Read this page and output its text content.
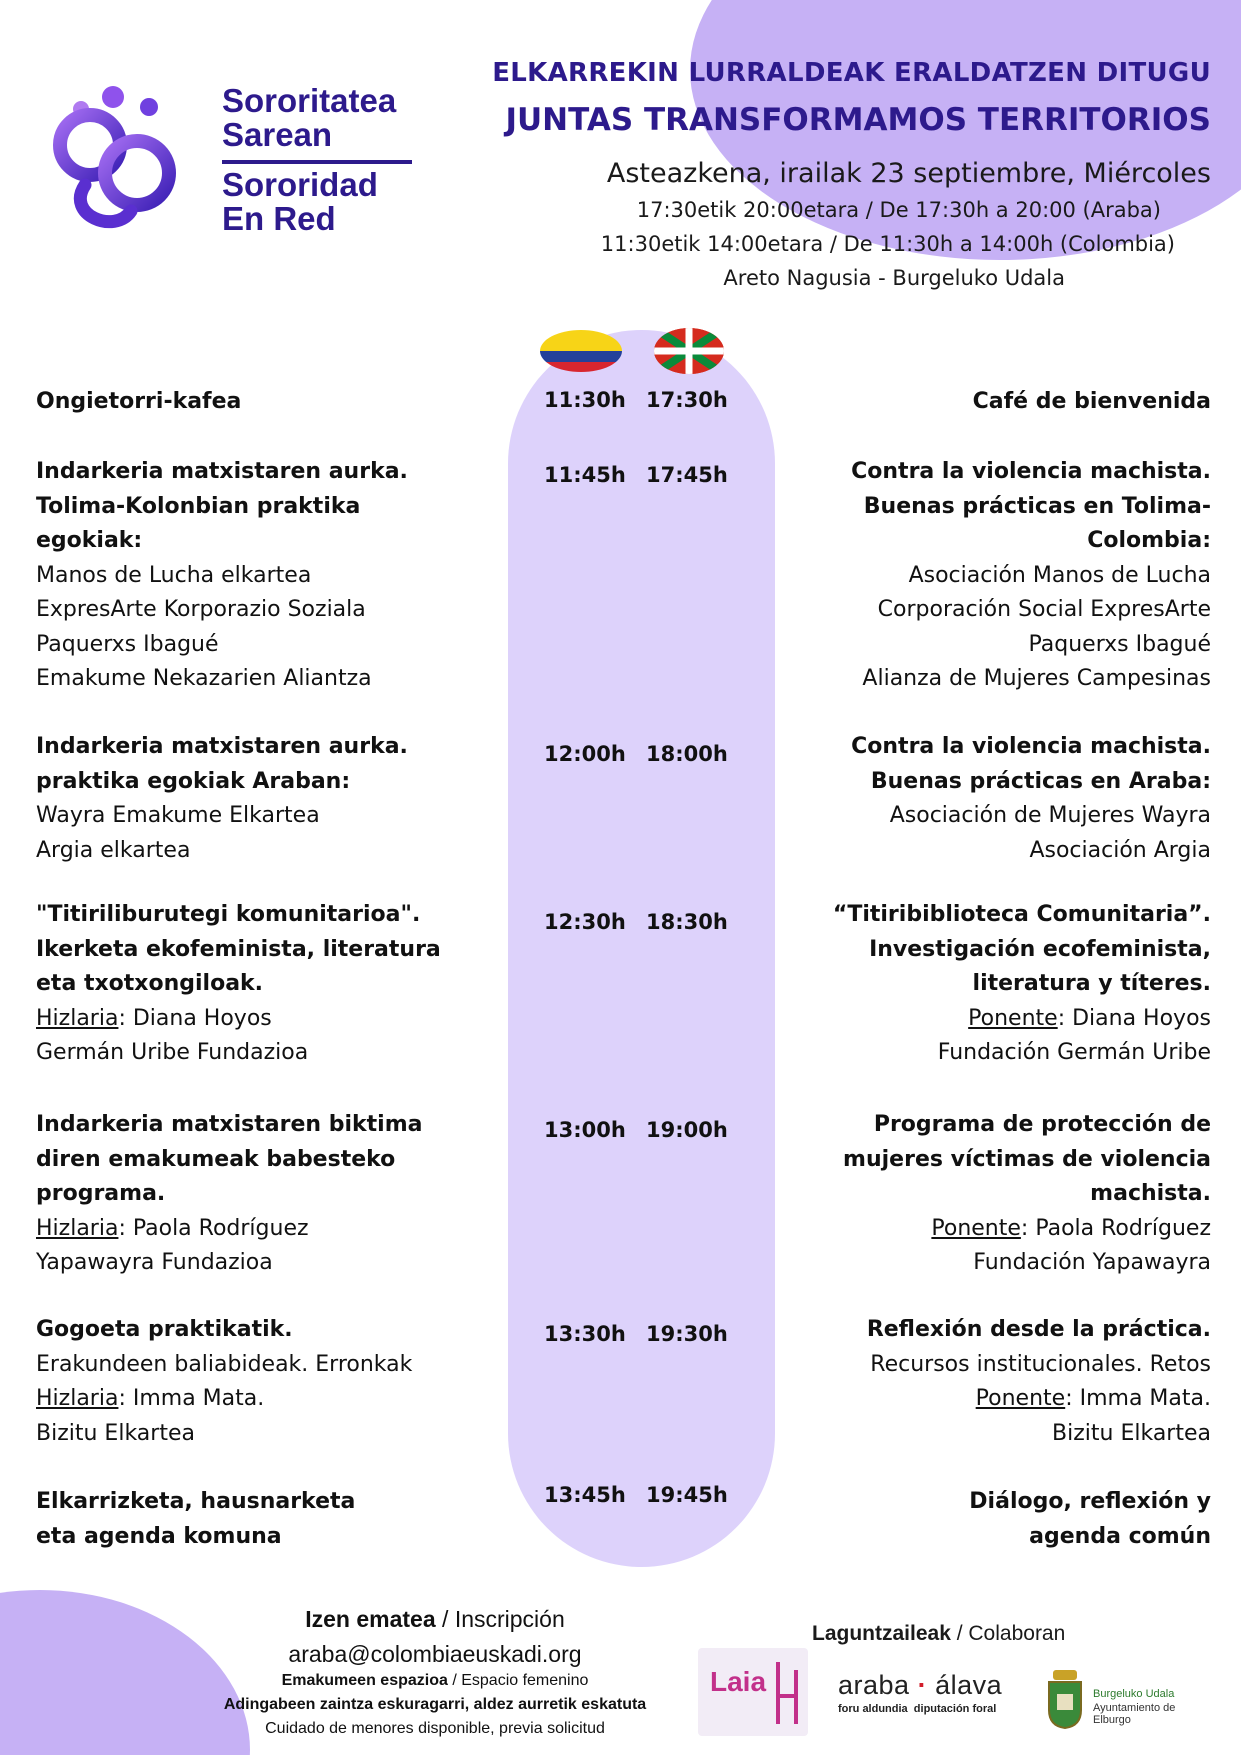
Sororitatea
Sarean
Sororidad
En Red
ELKARREKIN LURRALDEAK ERALDATZEN DITUGU
JUNTAS TRANSFORMAMOS TERRITORIOS
Asteazkena, irailak 23 septiembre, Miércoles
17:30etik 20:00etara / De 17:30h a 20:00 (Araba)
11:30etik 14:00etara / De 11:30h a 14:00h (Colombia)
Areto Nagusia - Burgeluko Udala
11:30h 17:30h
Ongietorri-kafea	Café de bienvenida
11:45h 17:45h
Indarkeria matxistaren aurka.
Tolima-Kolonbian praktika
egokiak:
Manos de Lucha elkartea
ExpresArte Korporazio Soziala
Paquerxs Ibagué
Emakume Nekazarien Aliantza
Contra la violencia machista.
Buenas prácticas en Tolima-
Colombia:
Asociación Manos de Lucha
Corporación Social ExpresArte
Paquerxs Ibagué
Alianza de Mujeres Campesinas
12:00h 18:00h
Indarkeria matxistaren aurka.
praktika egokiak Araban:
Wayra Emakume Elkartea
Argia elkartea
Contra la violencia machista.
Buenas prácticas en Araba:
Asociación de Mujeres Wayra
Asociación Argia
12:30h 18:30h
"Titiriliburutegi komunitarioa".
Ikerketa ekofeminista, literatura
eta txotxongiloak.
Hizlaria: Diana Hoyos
Germán Uribe Fundazioa
“Titiribiblioteca Comunitaria”.
Investigación ecofeminista,
literatura y títeres.
Ponente: Diana Hoyos
Fundación Germán Uribe
13:00h 19:00h
Indarkeria matxistaren biktima
diren emakumeak babesteko
programa.
Hizlaria: Paola Rodríguez
Yapawayra Fundazioa
Programa de protección de
mujeres víctimas de violencia
machista.
Ponente: Paola Rodríguez
Fundación Yapawayra
13:30h 19:30h
Gogoeta praktikatik.
Erakundeen baliabideak. Erronkak
Hizlaria: Imma Mata.
Bizitu Elkartea
Reflexión desde la práctica.
Recursos institucionales. Retos
Ponente: Imma Mata.
Bizitu Elkartea
13:45h 19:45h
Elkarrizketa, hausnarketa
eta agenda komuna
Diálogo, reflexión y
agenda común
Izen ematea / Inscripción
araba@colombiaeuskadi.org
Emakumeen espazioa / Espacio femenino
Adingabeen zaintza eskuragarri, aldez aurretik eskatuta
Cuidado de menores disponible, previa solicitud
Laguntzaileak / Colaboran
Laia	araba · álava
foru aldundia diputación foral
Burgeluko Udala
Ayuntamiento de Elburgo
